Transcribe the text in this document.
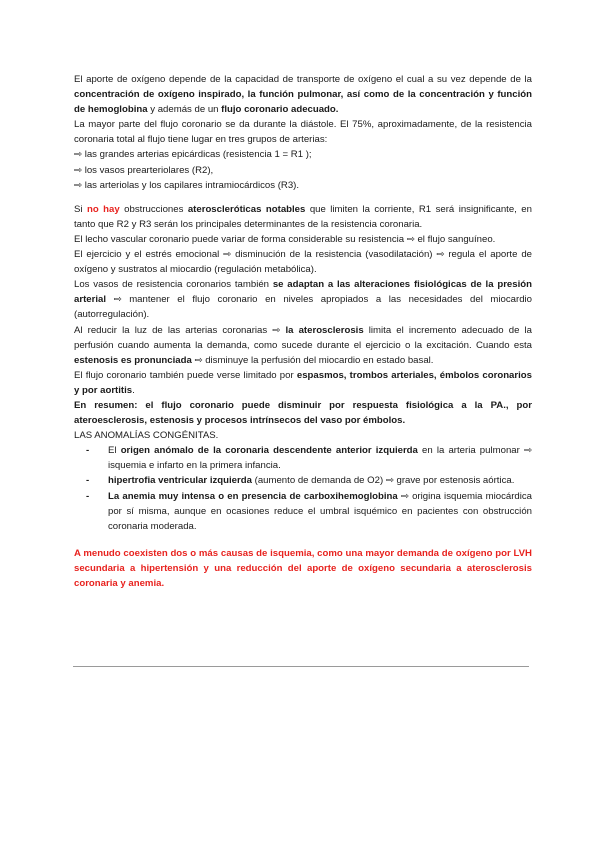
El aporte de oxígeno depende de la capacidad de transporte de oxígeno el cual a su vez depende de la concentración de oxígeno inspirado, la función pulmonar, así como de la concentración y función de hemoglobina y además de un flujo coronario adecuado.

La mayor parte del flujo coronario se da durante la diástole. El 75%, aproximadamente, de la resistencia coronaria total al flujo tiene lugar en tres grupos de arterias:

⇨ las grandes arterias epicárdicas (resistencia 1 = R1 );

⇨ los vasos prearteriolares (R2),

⇨ las arteriolas y los capilares intramiocárdicos (R3).

Si no hay obstrucciones ateroscleróticas notables que limiten la corriente, R1 será insignificante, en tanto que R2 y R3 serán los principales determinantes de la resistencia coronaria.

El lecho vascular coronario puede variar de forma considerable su resistencia ⇨ el flujo sanguíneo.

El ejercicio y el estrés emocional ⇨ disminución de la resistencia (vasodilatación) ⇨ regula el aporte de oxígeno y sustratos al miocardio (regulación metabólica).

Los vasos de resistencia coronarios también se adaptan a las alteraciones fisiológicas de la presión arterial ⇨ mantener el flujo coronario en niveles apropiados a las necesidades del miocardio (autorregulación).

Al reducir la luz de las arterias coronarias ⇨ la aterosclerosis limita el incremento adecuado de la perfusión cuando aumenta la demanda, como sucede durante el ejercicio o la excitación. Cuando esta estenosis es pronunciada ⇨ disminuye la perfusión del miocardio en estado basal.

El flujo coronario también puede verse limitado por espasmos, trombos arteriales, émbolos coronarios y por aortitis.

En resumen: el flujo coronario puede disminuir por respuesta fisiológica a la PA., por ateroesclerosis, estenosis y procesos intrínsecos del vaso por émbolos.

LAS ANOMALÍAS CONGÉNITAS.

- El origen anómalo de la coronaria descendente anterior izquierda en la arteria pulmonar ⇨ isquemia e infarto en la primera infancia.
- hipertrofia ventricular izquierda (aumento de demanda de O2) ⇨ grave por estenosis aórtica.
- La anemia muy intensa o en presencia de carboxihemoglobina ⇨ origina isquemia miocárdica por sí misma, aunque en ocasiones reduce el umbral isquémico en pacientes con obstrucción coronaria moderada.

A menudo coexisten dos o más causas de isquemia, como una mayor demanda de oxígeno por LVH secundaria a hipertensión y una reducción del aporte de oxígeno secundaria a aterosclerosis coronaria y anemia.
